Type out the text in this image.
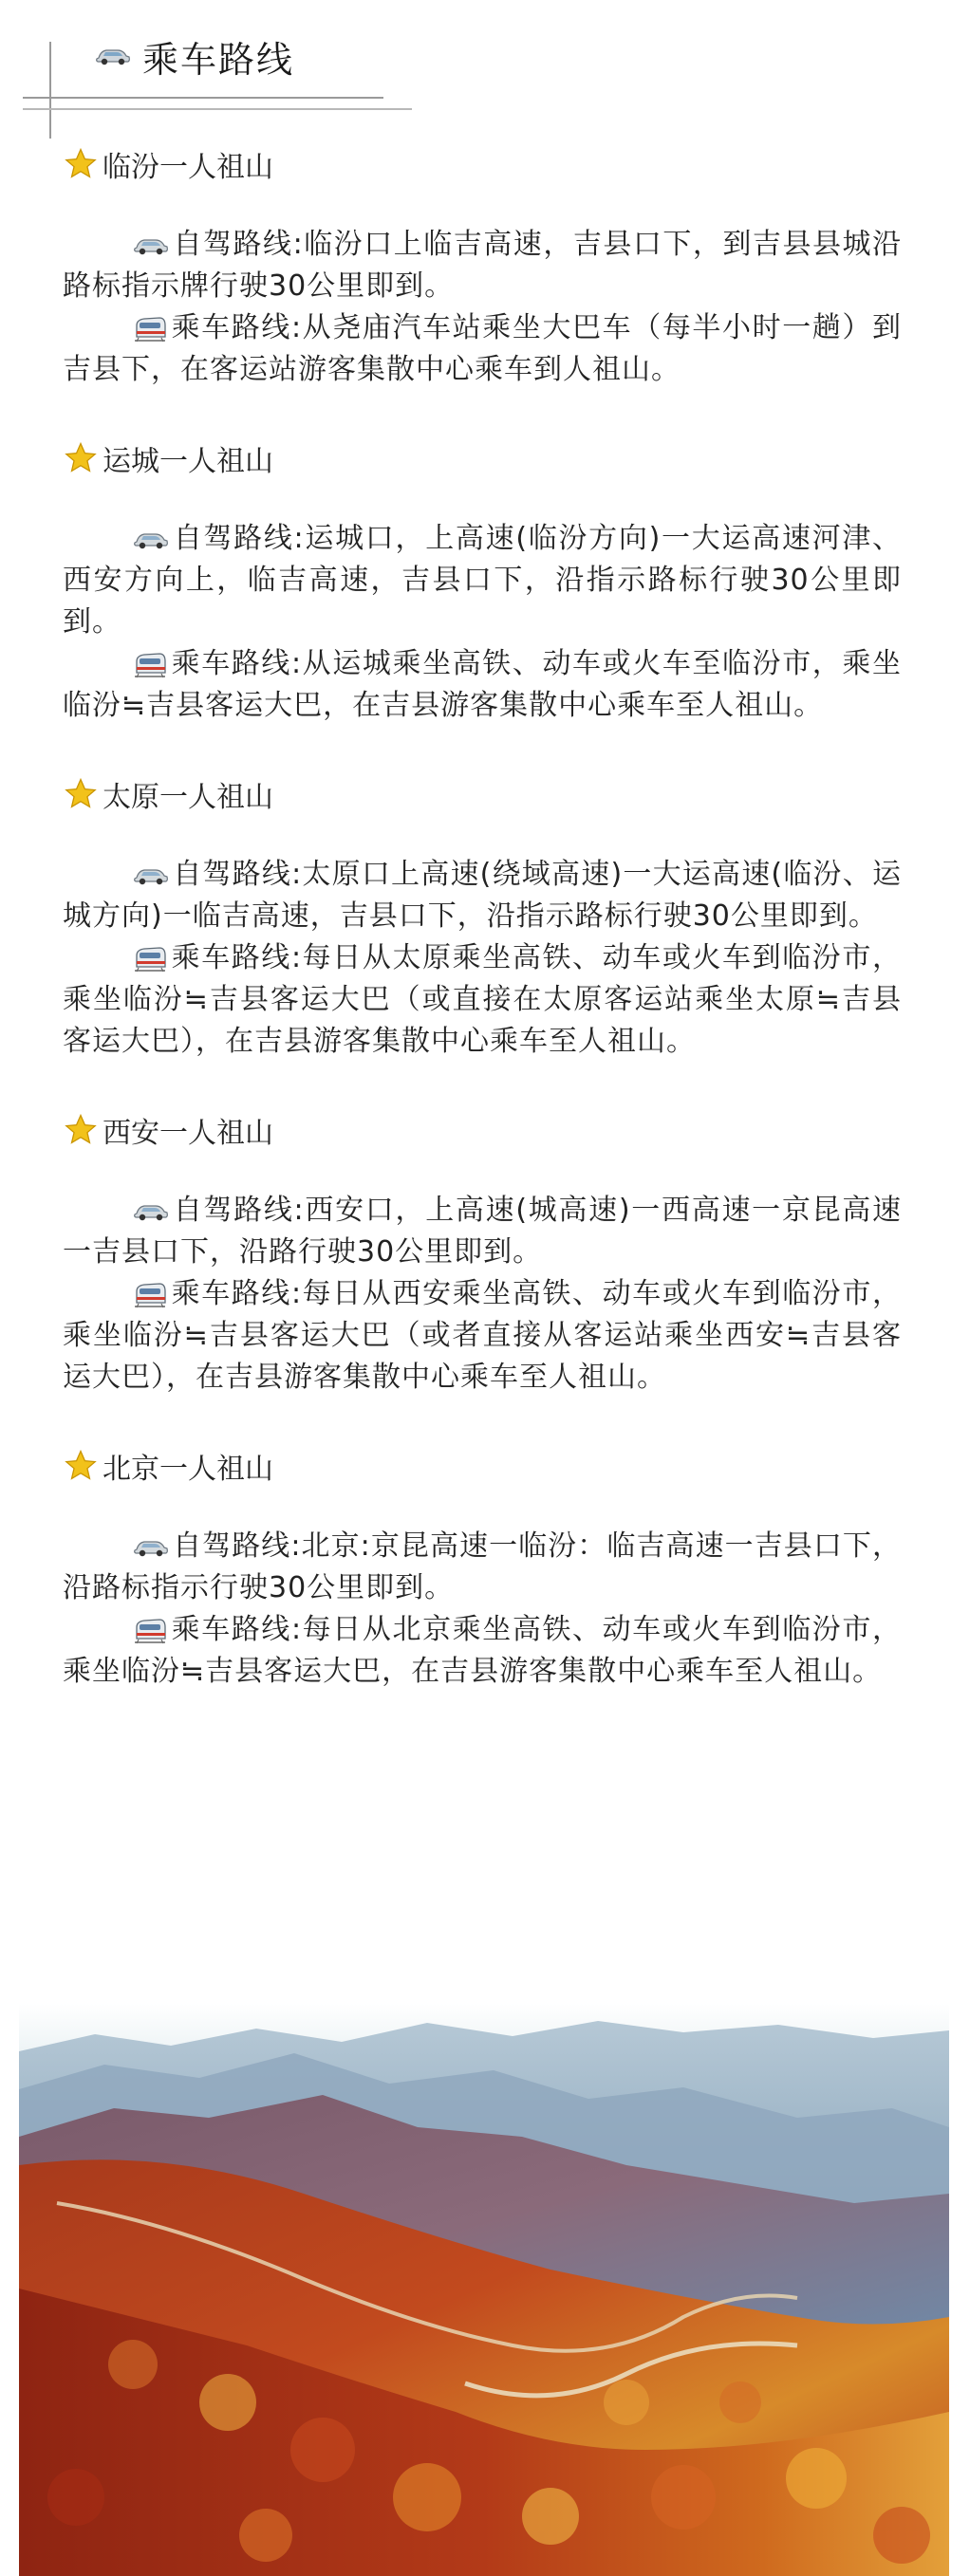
乘车路线
临汾一人祖山
自驾路线:临汾口上临吉高速，吉县口下，到吉县县城沿路标指示牌行驶30公里即到。
乘车路线:从尧庙汽车站乘坐大巴车（每半小时一趟）到吉县下，在客运站游客集散中心乘车到人祖山。
运城一人祖山
自驾路线:运城口，上高速(临汾方向)一大运高速河津、西安方向上，临吉高速，吉县口下，沿指示路标行驶30公里即到。
乘车路线:从运城乘坐高铁、动车或火车至临汾市，乘坐临汾≒吉县客运大巴，在吉县游客集散中心乘车至人祖山。
太原一人祖山
自驾路线:太原口上高速(绕域高速)一大运高速(临汾、运城方向)一临吉高速，吉县口下，沿指示路标行驶30公里即到。
乘车路线:每日从太原乘坐高铁、动车或火车到临汾市，乘坐临汾≒吉县客运大巴（或直接在太原客运站乘坐太原≒吉县客运大巴），在吉县游客集散中心乘车至人祖山。
西安一人祖山
自驾路线:西安口，上高速(城高速)一西高速一京昆高速一吉县口下，沿路行驶30公里即到。
乘车路线:每日从西安乘坐高铁、动车或火车到临汾市，乘坐临汾≒吉县客运大巴（或者直接从客运站乘坐西安≒吉县客运大巴），在吉县游客集散中心乘车至人祖山。
北京一人祖山
自驾路线:北京:京昆高速一临汾：临吉高速一吉县口下，沿路标指示行驶30公里即到。
乘车路线:每日从北京乘坐高铁、动车或火车到临汾市，乘坐临汾≒吉县客运大巴，在吉县游客集散中心乘车至人祖山。
